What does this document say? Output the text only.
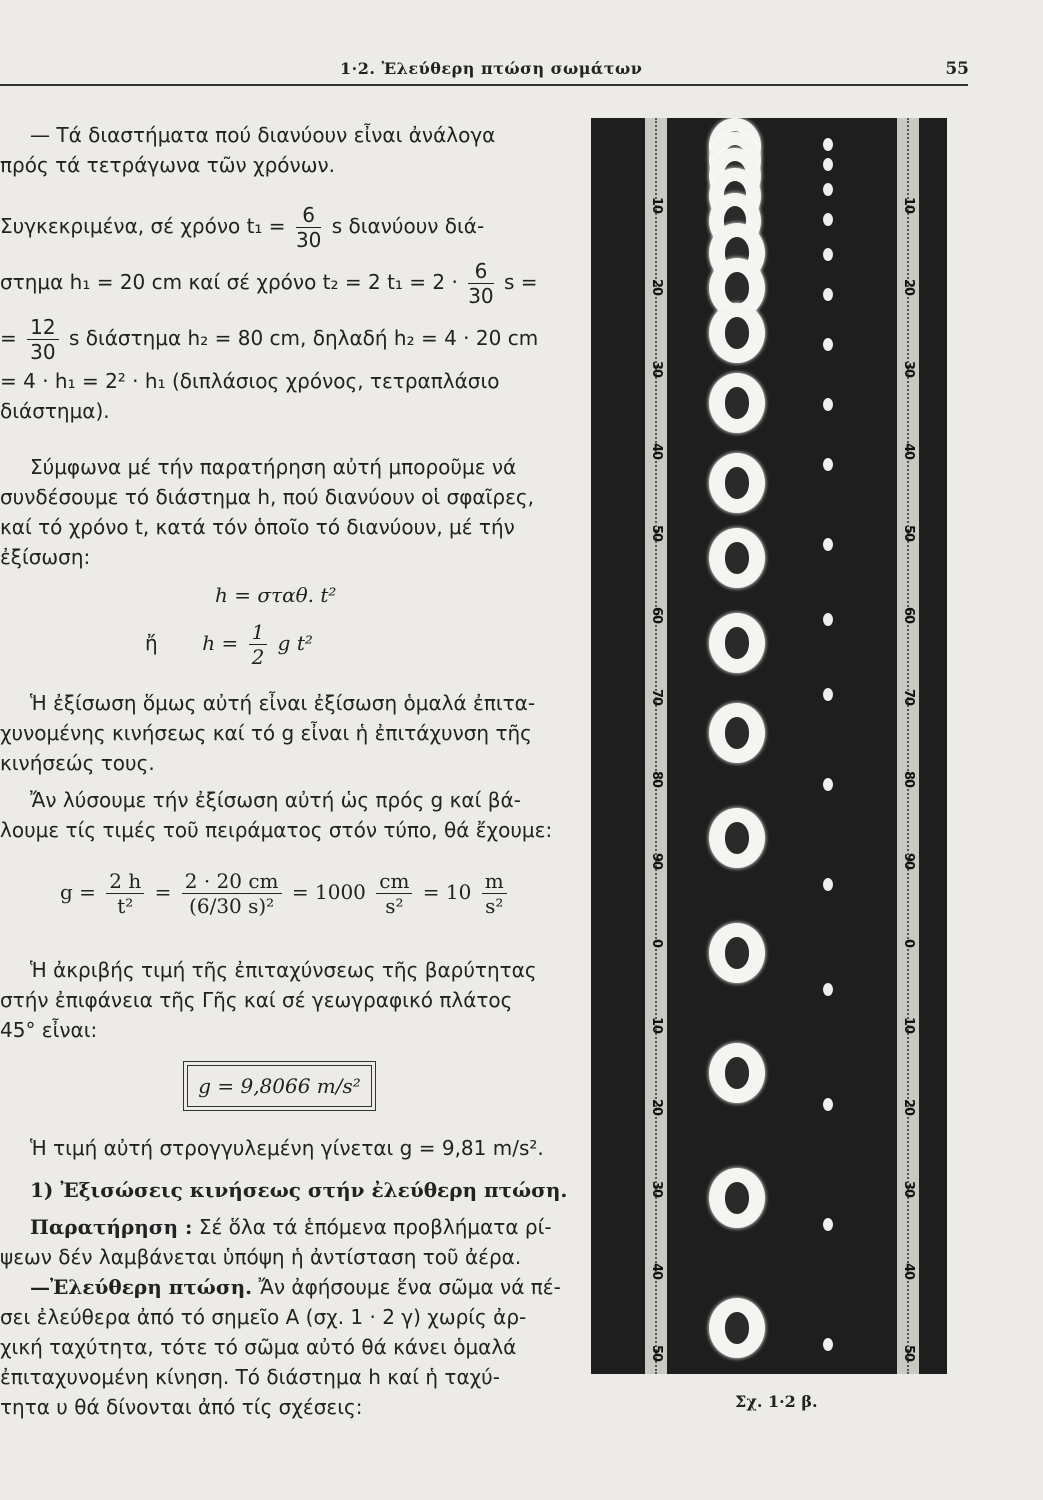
1·2. Ἐλεύθερη πτώση σωμάτων	55
— Τά διαστήματα πού διανύουν εἶναι ἀνάλογα
πρός τά τετράγωνα τῶν χρόνων.
Συγκεκριμένα, σέ χρόνο $t_1 = \frac{6}{30}$ s διανύουν διά-
στημα h₁ = 20 cm καί σέ χρόνο t₂ = 2 $t_1 = 2 \cdot \frac{6}{30}$ s =
= $\frac{12}{30}$ s διάστημα h₂ = 80 cm, δηλαδή h₂ = 4 · 20 cm
= 4 · h₁ = 2² · h₁ (διπλάσιος χρόνος, τετραπλάσιο
διάστημα).
Σύμφωνα μέ τήν παρατήρηση αὐτή μποροῦμε νά
συνδέσουμε τό διάστημα h, πού διανύουν οἱ σφαῖρες,
καί τό χρόνο t, κατά τόν ὁποῖο τό διανύουν, μέ τήν
ἐξίσωση:
h = σταθ. t²
ἤ $h = \frac{1}{2}$ g t²
Ἡ ἐξίσωση ὅμως αὐτή εἶναι ἐξίσωση ὁμαλά ἐπιτα-
χυνομένης κινήσεως καί τό g εἶναι ἡ ἐπιτάχυνση τῆς
κινήσεώς τους.
Ἄν λύσουμε τήν ἐξίσωση αὐτή ὡς πρός g καί βά-
λουμε τίς τιμές τοῦ πειράματος στόν τύπο, θά ἔχουμε:
$g = \frac{2 h}{\text{t²}} = \frac{2 \cdot 20 cm}{\text{(6/30 s)²}} = 1000 \frac{cm}{\text{s²}} = 10 \frac{m}{\text{s²}}$
Ἡ ἀκριβής τιμή τῆς ἐπιταχύνσεως τῆς βαρύτητας
στήν ἐπιφάνεια τῆς Γῆς καί σέ γεωγραφικό πλάτος
45° εἶναι:
Ἡ τιμή αὐτή στρογγυλεμένη γίνεται g = 9,81 m/s².
1) Ἐξισώσεις κινήσεως στήν ἐλεύθερη πτώση.
Παρατήρηση : Σέ ὅλα τά ἑπόμενα προβλήματα ρί-
ψεων δέν λαμβάνεται ὑπόψη ἡ ἀντίσταση τοῦ ἀέρα.
—Ἐλεύθερη πτώση. Ἄν ἀφήσουμε ἕνα σῶμα νά πέ-
σει ἐλεύθερα ἀπό τό σημεῖο Α (σχ. 1 · 2 γ) χωρίς ἀρ-
χική ταχύτητα, τότε τό σῶμα αὐτό θά κάνει ὁμαλά
ἐπιταχυνομένη κίνηση. Τό διάστημα h καί ἡ ταχύ-
τητα υ θά δίνονται ἀπό τίς σχέσεις:
g = 9,8066 m/s²
10
20
30
40
50
60
70
80
90
0
10
20
30
40
50
10
20
30
40
50
60
70
80
90
0
10
20
30
40
50
Σχ. 1·2 β.
